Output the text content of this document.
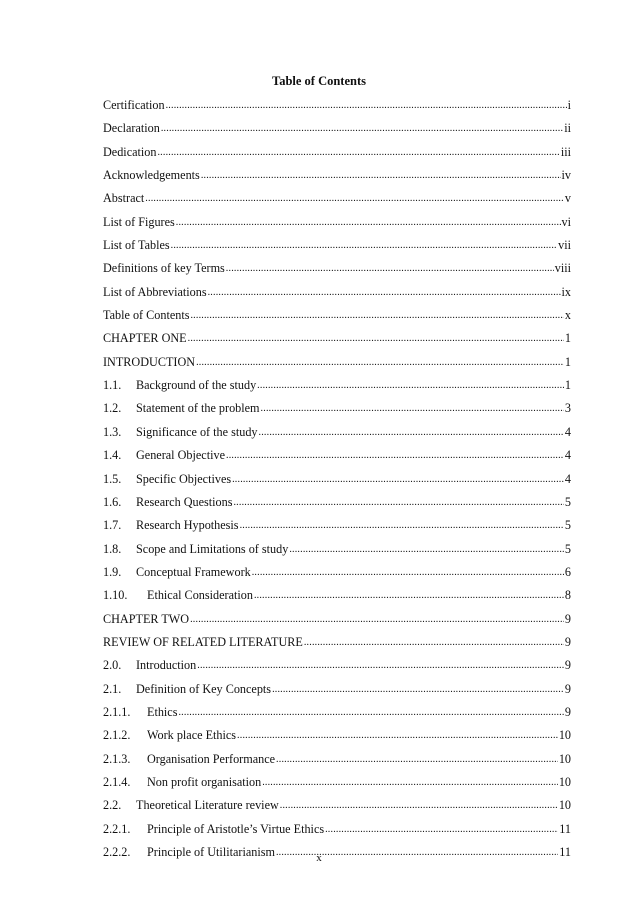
Table of Contents
Certification .....	i
Declaration .....	ii
Dedication .....	iii
Acknowledgements .....	iv
Abstract .....	v
List of Figures .....	vi
List of Tables .....	vii
Definitions of key Terms .....	viii
List of Abbreviations .....	ix
Table of Contents .....	x
CHAPTER ONE .....	1
INTRODUCTION .....	1
1.1.	Background of the study .....	1
1.2.	Statement of the problem .....	3
1.3.	Significance of the study .....	4
1.4.	General Objective .....	4
1.5.	Specific Objectives .....	4
1.6.	Research Questions .....	5
1.7.	Research Hypothesis .....	5
1.8.	Scope and Limitations of study .....	5
1.9.	Conceptual Framework .....	6
1.10.	Ethical Consideration .....	8
CHAPTER TWO .....	9
REVIEW OF RELATED LITERATURE .....	9
2.0.	Introduction .....	9
2.1.	Definition of Key Concepts .....	9
2.1.1.	Ethics .....	9
2.1.2.	Work place Ethics .....	10
2.1.3.	Organisation Performance .....	10
2.1.4.	Non profit organisation .....	10
2.2.	Theoretical Literature review .....	10
2.2.1.	Principle of Aristotle’s Virtue Ethics .....	11
2.2.2.	Principle of Utilitarianism .....	11
x
